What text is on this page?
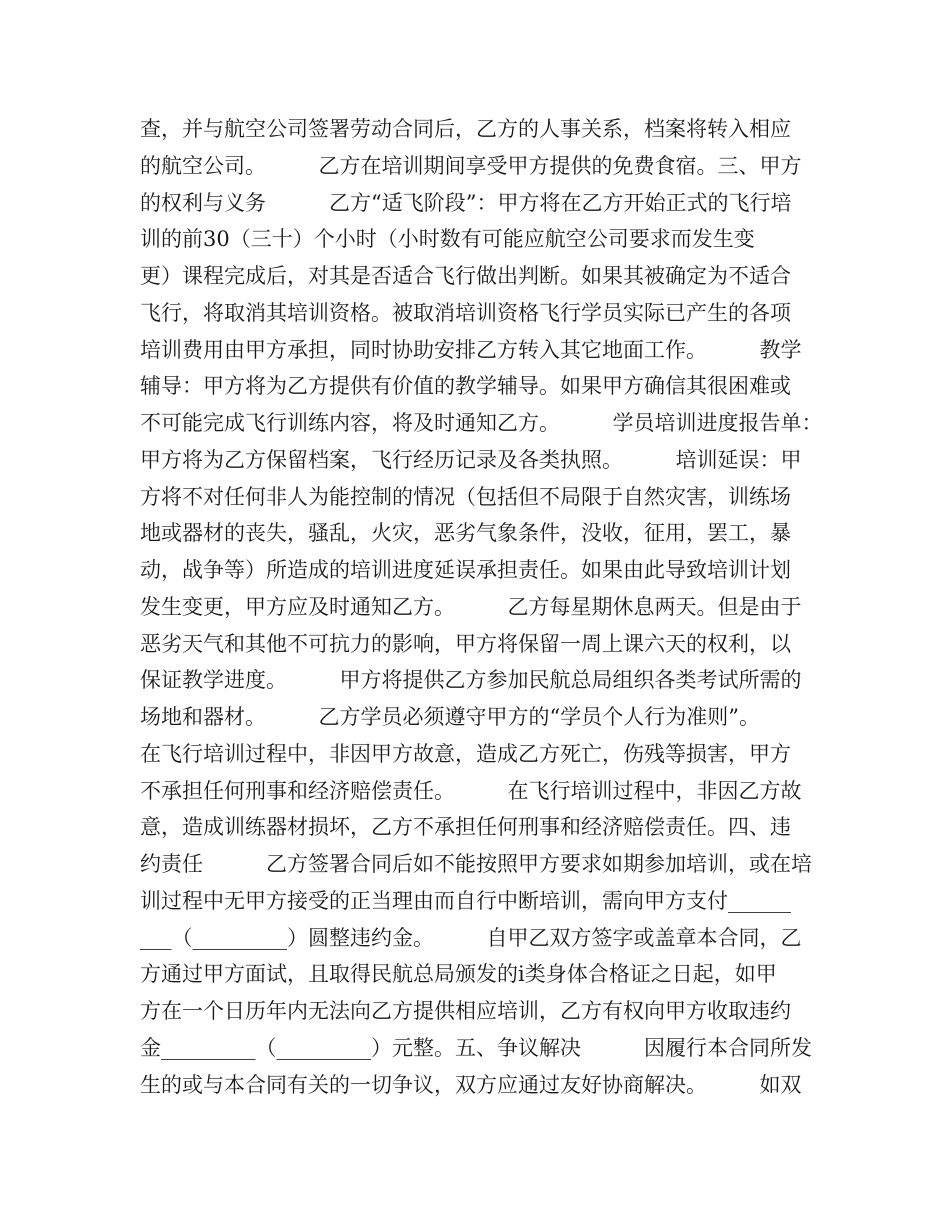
查，并与航空公司签署劳动合同后，乙方的人事关系，档案将转入相应
的航空公司。　　　乙方在培训期间享受甲方提供的免费食宿。三、甲方
的权利与义务　　　乙方“适飞阶段”：甲方将在乙方开始正式的飞行培
训的前30（三十）个小时（小时数有可能应航空公司要求而发生变
更）课程完成后，对其是否适合飞行做出判断。如果其被确定为不适合
飞行，将取消其培训资格。被取消培训资格飞行学员实际已产生的各项
培训费用由甲方承担，同时协助安排乙方转入其它地面工作。　　　教学
辅导：甲方将为乙方提供有价值的教学辅导。如果甲方确信其很困难或
不可能完成飞行训练内容，将及时通知乙方。　　　学员培训进度报告单：
甲方将为乙方保留档案，飞行经历记录及各类执照。　　　培训延误：甲
方将不对任何非人为能控制的情况（包括但不局限于自然灾害，训练场
地或器材的丧失，骚乱，火灾，恶劣气象条件，没收，征用，罢工，暴
动，战争等）所造成的培训进度延误承担责任。如果由此导致培训计划
发生变更，甲方应及时通知乙方。　　　乙方每星期休息两天。但是由于
恶劣天气和其他不可抗力的影响，甲方将保留一周上课六天的权利，以
保证教学进度。　　　甲方将提供乙方参加民航总局组织各类考试所需的
场地和器材。　　　乙方学员必须遵守甲方的“学员个人行为准则”。
在飞行培训过程中，非因甲方故意，造成乙方死亡，伤残等损害，甲方
不承担任何刑事和经济赔偿责任。　　　在飞行培训过程中，非因乙方故
意，造成训练器材损坏，乙方不承担任何刑事和经济赔偿责任。四、违
约责任　　　乙方签署合同后如不能按照甲方要求如期参加培训，或在培
训过程中无甲方接受的正当理由而自行中断培训，需向甲方支付______
___（_________）圆整违约金。　　　自甲乙双方签字或盖章本合同，乙
方通过甲方面试，且取得民航总局颁发的ⅰ类身体合格证之日起，如甲
方在一个日历年内无法向乙方提供相应培训，乙方有权向甲方收取违约
金_________（_________）元整。五、争议解决　　　因履行本合同所发
生的或与本合同有关的一切争议，双方应通过友好协商解决。　　　如双
